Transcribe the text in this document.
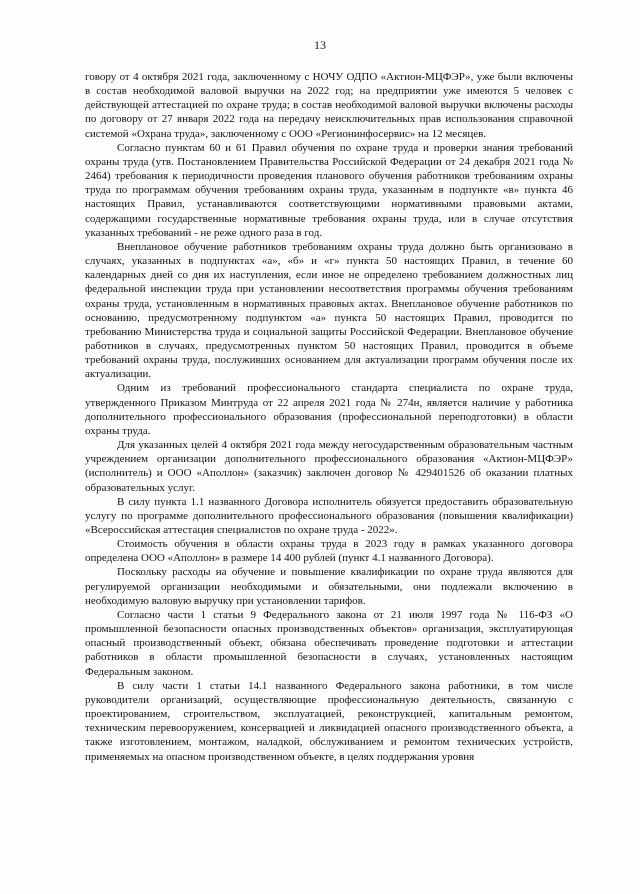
13

говору от 4 октября 2021 года, заключенному с НОЧУ ОДПО «Актион-МЦФЭР», уже были включены в состав необходимой валовой выручки на 2022 год; на предприятии уже имеются 5 человек с действующей аттестацией по охране труда; в состав необходимой валовой выручки включены расходы по договору от 27 января 2022 года на передачу неисключительных прав использования справочной системой «Охрана труда», заключенному с ООО «Регионинфосервис» на 12 месяцев.

Согласно пунктам 60 и 61 Правил обучения по охране труда и проверки знания требований охраны труда (утв. Постановлением Правительства Российской Федерации от 24 декабря 2021 года № 2464) требования к периодичности проведения планового обучения работников требованиям охраны труда по программам обучения требованиям охраны труда, указанным в подпункте «в» пункта 46 настоящих Правил, устанавливаются соответствующими нормативными правовыми актами, содержащими государственные нормативные требования охраны труда, или в случае отсутствия указанных требований - не реже одного раза в год.

Внеплановое обучение работников требованиям охраны труда должно быть организовано в случаях, указанных в подпунктах «а», «б» и «г» пункта 50 настоящих Правил, в течение 60 календарных дней со дня их наступления, если иное не определено требованием должностных лиц федеральной инспекции труда при установлении несоответствия программы обучения требованиям охраны труда, установленным в нормативных правовых актах. Внеплановое обучение работников по основанию, предусмотренному подпунктом «а» пункта 50 настоящих Правил, проводится по требованию Министерства труда и социальной защиты Российской Федерации. Внеплановое обучение работников в случаях, предусмотренных пунктом 50 настоящих Правил, проводится в объеме требований охраны труда, послуживших основанием для актуализации программ обучения после их актуализации.

Одним из требований профессионального стандарта специалиста по охране труда, утвержденного Приказом Минтруда от 22 апреля 2021 года № 274н, является наличие у работника дополнительного профессионального образования (профессиональной переподготовки) в области охраны труда.

Для указанных целей 4 октября 2021 года между негосударственным образовательным частным учреждением организации дополнительного профессионального образования «Актион-МЦФЭР» (исполнитель) и ООО «Аполлон» (заказчик) заключен договор № 429401526 об оказании платных образовательных услуг.

В силу пункта 1.1 названного Договора исполнитель обязуется предоставить образовательную услугу по программе дополнительного профессионального образования (повышения квалификации) «Всероссийская аттестация специалистов по охране труда - 2022».

Стоимость обучения в области охраны труда в 2023 году в рамках указанного договора определена ООО «Аполлон» в размере 14 400 рублей (пункт 4.1 названного Договора).

Поскольку расходы на обучение и повышение квалификации по охране труда являются для регулируемой организации необходимыми и обязательными, они подлежали включению в необходимую валовую выручку при установлении тарифов.

Согласно части 1 статьи 9 Федерального закона от 21 июля 1997 года № 116-ФЗ «О промышленной безопасности опасных производственных объектов» организация, эксплуатирующая опасный производственный объект, обязана обеспечивать проведение подготовки и аттестации работников в области промышленной безопасности в случаях, установленных настоящим Федеральным законом.

В силу части 1 статьи 14.1 названного Федерального закона работники, в том числе руководители организаций, осуществляющие профессиональную деятельность, связанную с проектированием, строительством, эксплуатацией, реконструкцией, капитальным ремонтом, техническим перевооружением, консервацией и ликвидацией опасного производственного объекта, а также изготовлением, монтажом, наладкой, обслуживанием и ремонтом технических устройств, применяемых на опасном производственном объекте, в целях поддержания уровня
